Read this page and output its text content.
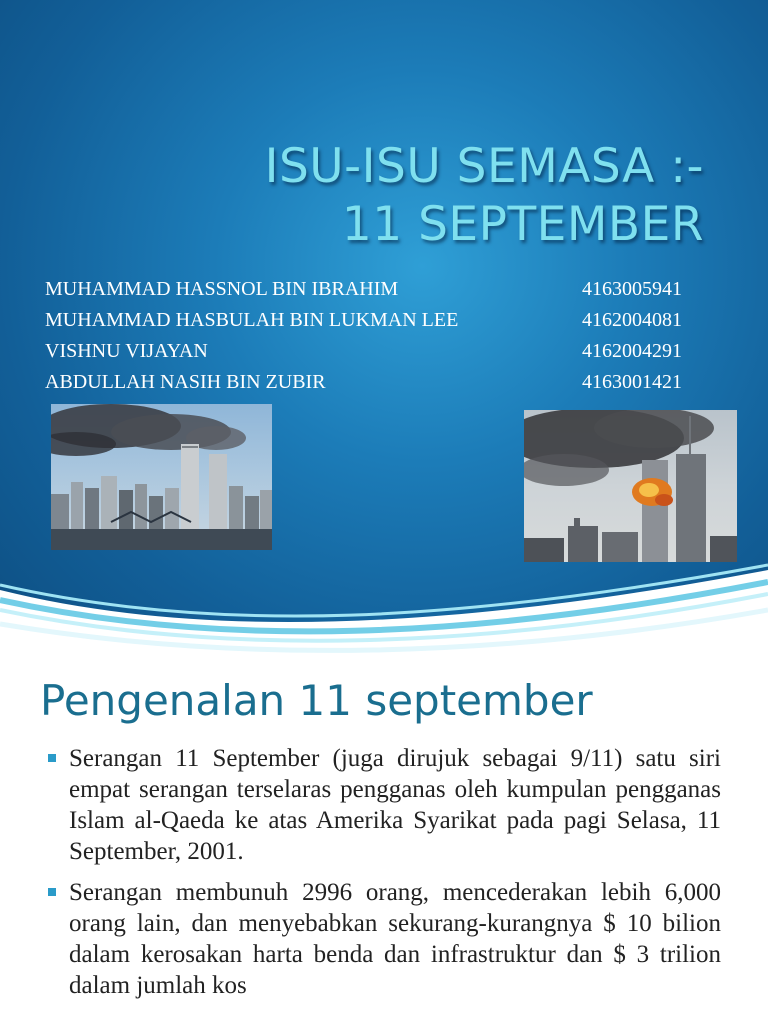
ISU-ISU SEMASA :-
11 SEPTEMBER
MUHAMMAD HASSNOL BIN IBRAHIM	4163005941
MUHAMMAD HASBULAH BIN LUKMAN LEE	4162004081
VISHNU VIJAYAN	4162004291
ABDULLAH NASIH BIN ZUBIR	4163001421
Pengenalan 11 september
Serangan 11 September (juga dirujuk sebagai 9/11) satu siri empat serangan terselaras pengganas oleh kumpulan pengganas Islam al-Qaeda ke atas Amerika Syarikat pada pagi Selasa, 11 September, 2001.
Serangan membunuh 2996 orang, mencederakan lebih 6,000 orang lain, dan menyebabkan sekurang-kurangnya $ 10 bilion dalam kerosakan harta benda dan infrastruktur dan $ 3 trilion dalam jumlah kos
